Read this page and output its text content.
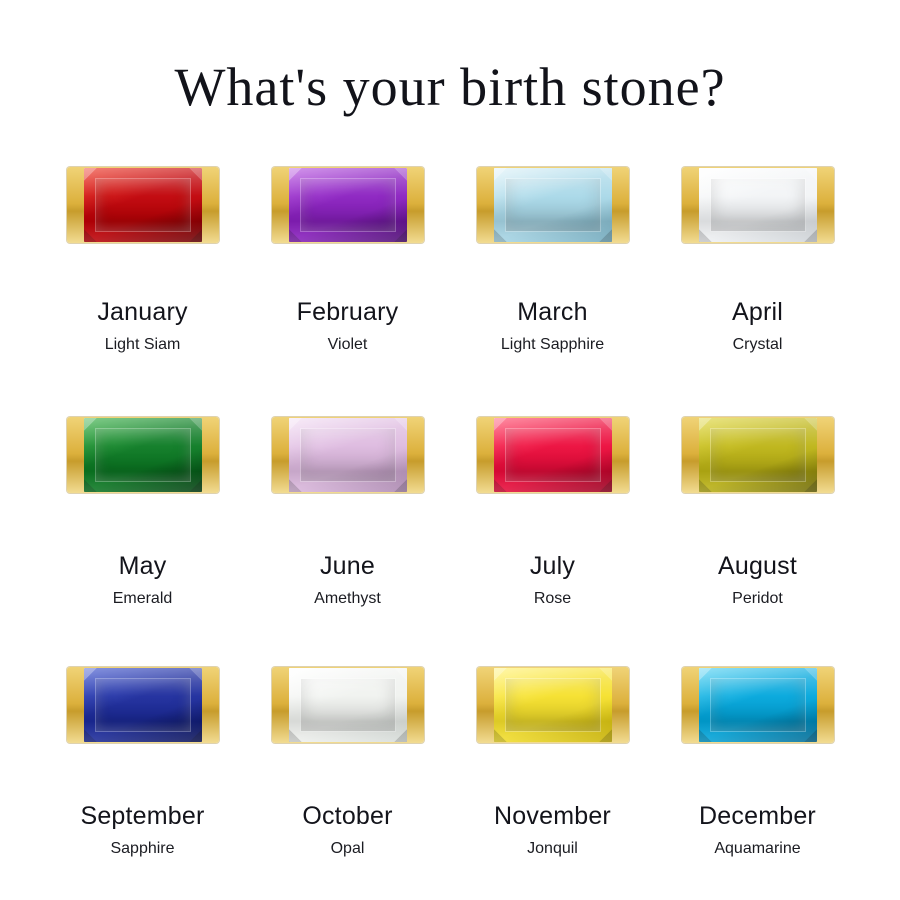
What's your birth stone?
January
Light Siam
February
Violet
March
Light Sapphire
April
Crystal
May
Emerald
June
Amethyst
July
Rose
August
Peridot
September
Sapphire
October
Opal
November
Jonquil
December
Aquamarine
